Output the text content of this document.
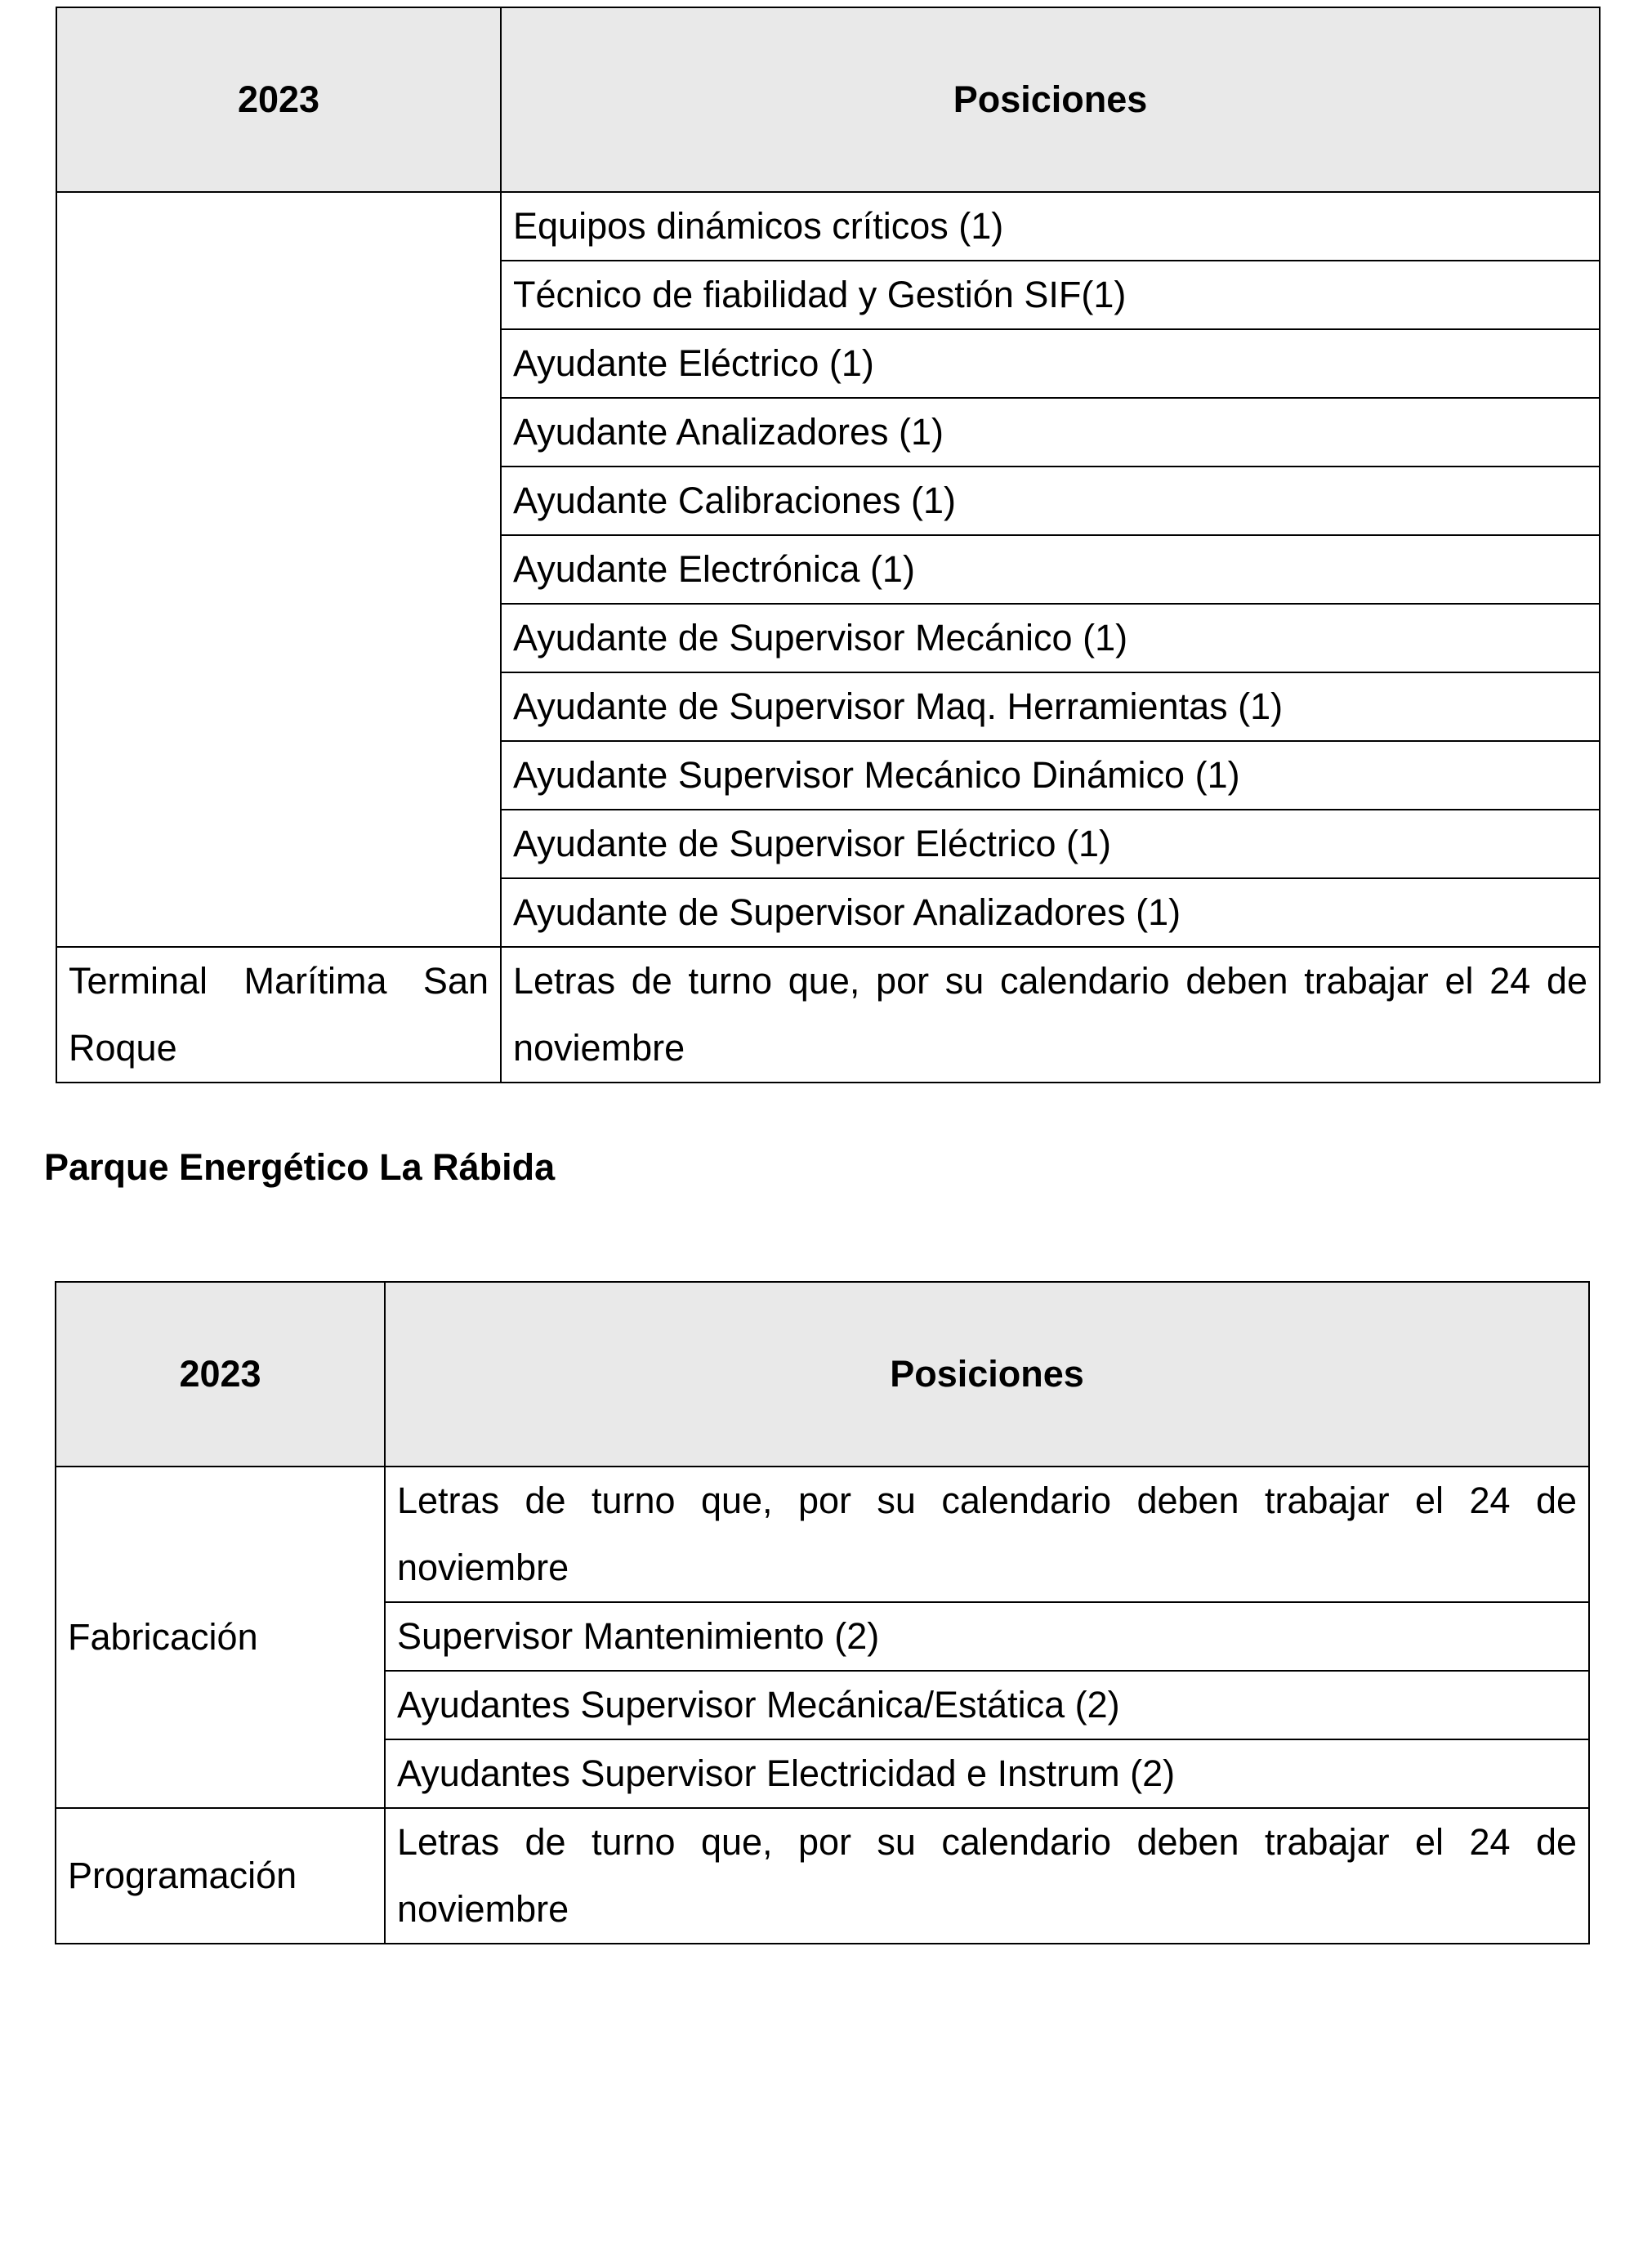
2023	Posiciones
	Equipos dinámicos críticos (1)
	Técnico de fiabilidad y Gestión SIF(1)
	Ayudante Eléctrico (1)
	Ayudante Analizadores (1)
	Ayudante Calibraciones (1)
	Ayudante Electrónica (1)
	Ayudante de Supervisor Mecánico (1)
	Ayudante de Supervisor Maq. Herramientas (1)
	Ayudante Supervisor Mecánico Dinámico (1)
	Ayudante de Supervisor Eléctrico (1)
	Ayudante de Supervisor Analizadores (1)
Terminal Marítima San Roque	Letras de turno que, por su calendario deben trabajar el 24 de noviembre
Parque Energético La Rábida
2023	Posiciones
Fabricación	Letras de turno que, por su calendario deben trabajar el 24 de noviembre
	Supervisor Mantenimiento (2)
	Ayudantes Supervisor Mecánica/Estática (2)
	Ayudantes Supervisor Electricidad e Instrum (2)
Programación	Letras de turno que, por su calendario deben trabajar el 24 de noviembre
